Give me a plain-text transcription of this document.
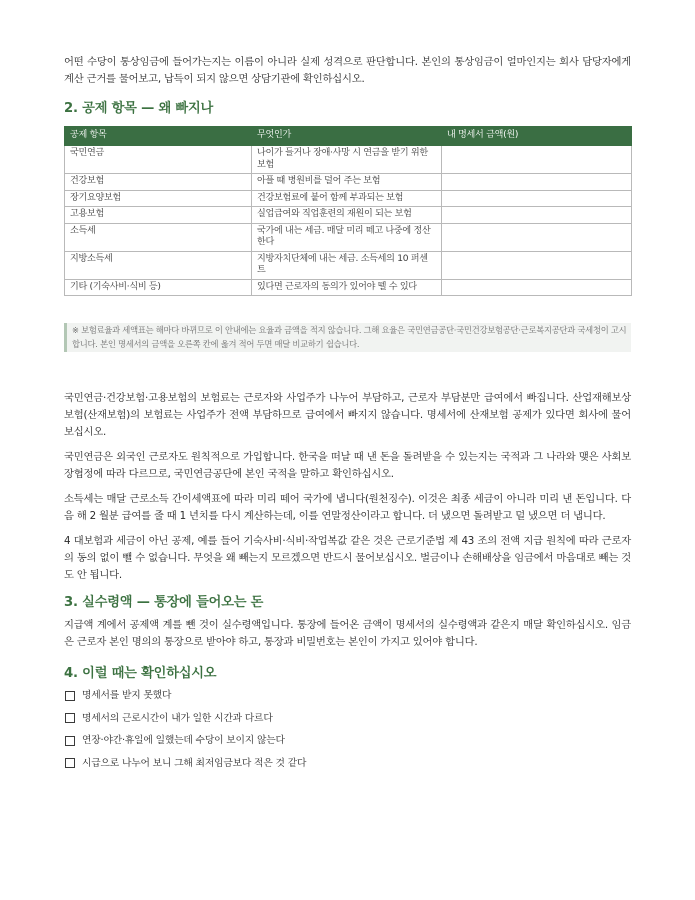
어떤 수당이 통상임금에 들어가는지는 이름이 아니라 실제 성격으로 판단합니다. 본인의 통상임금이 얼마인지는 회사 담당자에게 계산 근거를 물어보고, 납득이 되지 않으면 상담기관에 확인하십시오.

2. 공제 항목 — 왜 빠지나
공제 항목	무엇인가	내 명세서 금액(원)
국민연금	나이가 들거나 장애·사망 시 연금을 받기 위한 보험	
건강보험	아플 때 병원비를 덜어 주는 보험	
장기요양보험	건강보험료에 붙어 함께 부과되는 보험	
고용보험	실업급여와 직업훈련의 재원이 되는 보험	
소득세	국가에 내는 세금. 매달 미리 떼고 나중에 정산한다	
지방소득세	지방자치단체에 내는 세금. 소득세의 10 퍼센트	
기타 (기숙사비·식비 등)	있다면 근로자의 동의가 있어야 뗄 수 있다	
※ 보험료율과 세액표는 해마다 바뀌므로 이 안내에는 요율과 금액을 적지 않습니다. 그해 요율은 국민연금공단·국민건강보험공단·근로복지공단과 국세청이 고시합니다. 본인 명세서의 금액을 오른쪽 칸에 옮겨 적어 두면 매달 비교하기 쉽습니다.

국민연금·건강보험·고용보험의 보험료는 근로자와 사업주가 나누어 부담하고, 근로자 부담분만 급여에서 빠집니다. 산업재해보상보험(산재보험)의 보험료는 사업주가 전액 부담하므로 급여에서 빠지지 않습니다. 명세서에 산재보험 공제가 있다면 회사에 물어보십시오.

국민연금은 외국인 근로자도 원칙적으로 가입합니다. 한국을 떠날 때 낸 돈을 돌려받을 수 있는지는 국적과 그 나라와 맺은 사회보장협정에 따라 다르므로, 국민연금공단에 본인 국적을 말하고 확인하십시오.

소득세는 매달 근로소득 간이세액표에 따라 미리 떼어 국가에 냅니다(원천징수). 이것은 최종 세금이 아니라 미리 낸 돈입니다. 다음 해 2 월분 급여를 줄 때 1 년치를 다시 계산하는데, 이를 연말정산이라고 합니다. 더 냈으면 돌려받고 덜 냈으면 더 냅니다.

4 대보험과 세금이 아닌 공제, 예를 들어 기숙사비·식비·작업복값 같은 것은 근로기준법 제 43 조의 전액 지급 원칙에 따라 근로자의 동의 없이 뺄 수 없습니다. 무엇을 왜 빼는지 모르겠으면 반드시 물어보십시오. 벌금이나 손해배상을 임금에서 마음대로 빼는 것도 안 됩니다.

3. 실수령액 — 통장에 들어오는 돈

지급액 계에서 공제액 계를 뺀 것이 실수령액입니다. 통장에 들어온 금액이 명세서의 실수령액과 같은지 매달 확인하십시오. 임금은 근로자 본인 명의의 통장으로 받아야 하고, 통장과 비밀번호는 본인이 가지고 있어야 합니다.

4. 이럴 때는 확인하십시오
명세서를 받지 못했다
명세서의 근로시간이 내가 일한 시간과 다르다
연장·야간·휴일에 일했는데 수당이 보이지 않는다
시급으로 나누어 보니 그해 최저임금보다 적은 것 같다
